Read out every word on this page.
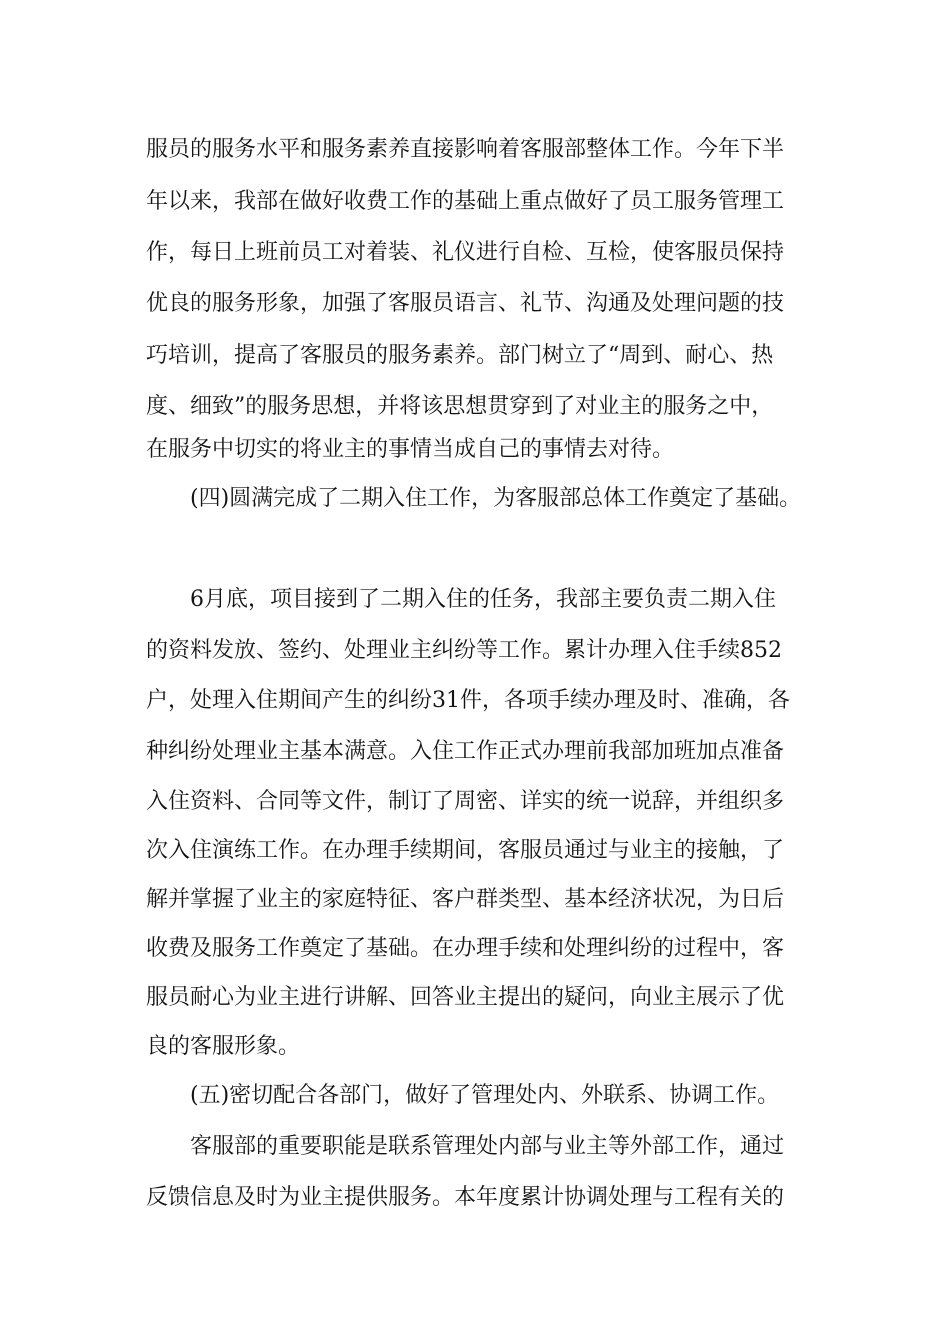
服员的服务水平和服务素养直接影响着客服部整体工作。今年下半
年以来，我部在做好收费工作的基础上重点做好了员工服务管理工
作，每日上班前员工对着装、礼仪进行自检、互检，使客服员保持
优良的服务形象，加强了客服员语言、礼节、沟通及处理问题的技
巧培训，提高了客服员的服务素养。部门树立了“周到、耐心、热
度、细致”的服务思想，并将该思想贯穿到了对业主的服务之中，
在服务中切实的将业主的事情当成自己的事情去对待。
(四)圆满完成了二期入住工作，为客服部总体工作奠定了基础。
6月底，项目接到了二期入住的任务，我部主要负责二期入住
的资料发放、签约、处理业主纠纷等工作。累计办理入住手续852
户，处理入住期间产生的纠纷31件，各项手续办理及时、准确，各
种纠纷处理业主基本满意。入住工作正式办理前我部加班加点准备
入住资料、合同等文件，制订了周密、详实的统一说辞，并组织多
次入住演练工作。在办理手续期间，客服员通过与业主的接触，了
解并掌握了业主的家庭特征、客户群类型、基本经济状况，为日后
收费及服务工作奠定了基础。在办理手续和处理纠纷的过程中，客
服员耐心为业主进行讲解、回答业主提出的疑问，向业主展示了优
良的客服形象。
(五)密切配合各部门，做好了管理处内、外联系、协调工作。
客服部的重要职能是联系管理处内部与业主等外部工作，通过
反馈信息及时为业主提供服务。本年度累计协调处理与工程有关的
